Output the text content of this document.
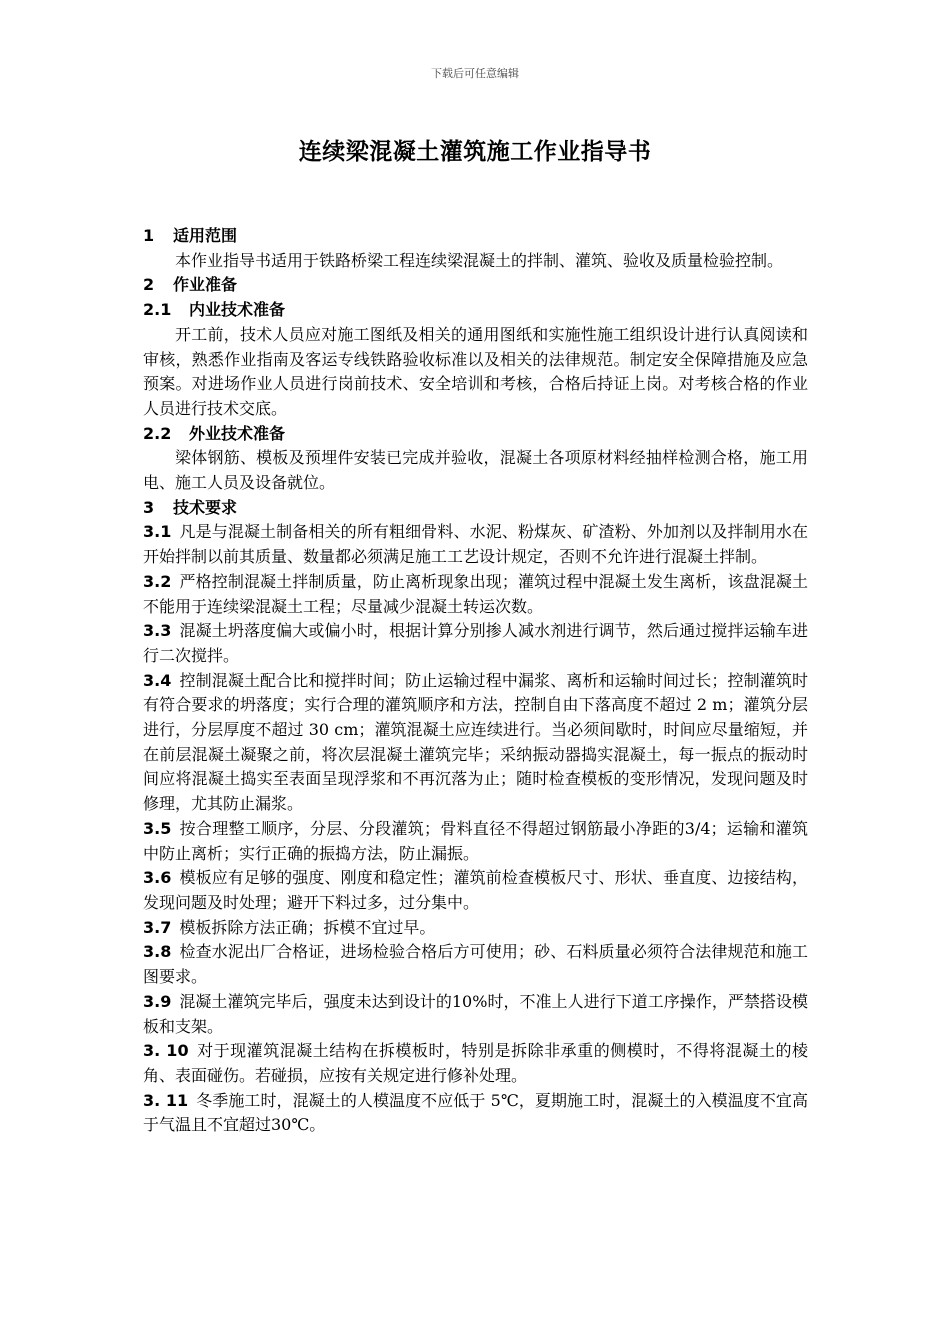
下载后可任意编辑
连续梁混凝土灌筑施工作业指导书
1 适用范围
本作业指导书适用于铁路桥梁工程连续梁混凝土的拌制、灌筑、验收及质量检验控制。
2 作业准备
2.1 内业技术准备
开工前，技术人员应对施工图纸及相关的通用图纸和实施性施工组织设计进行认真阅读和审核，熟悉作业指南及客运专线铁路验收标准以及相关的法律规范。制定安全保障措施及应急预案。对进场作业人员进行岗前技术、安全培训和考核，合格后持证上岗。对考核合格的作业人员进行技术交底。
2.2 外业技术准备
梁体钢筋、模板及预埋件安装已完成并验收，混凝土各项原材料经抽样检测合格，施工用电、施工人员及设备就位。
3 技术要求
3.1 凡是与混凝土制备相关的所有粗细骨料、水泥、粉煤灰、矿渣粉、外加剂以及拌制用水在开始拌制以前其质量、数量都必须满足施工工艺设计规定，否则不允许进行混凝土拌制。
3.2 严格控制混凝土拌制质量，防止离析现象出现；灌筑过程中混凝土发生离析，该盘混凝土不能用于连续梁混凝土工程；尽量减少混凝土转运次数。
3.3 混凝土坍落度偏大或偏小时，根据计算分别掺人减水剂进行调节，然后通过搅拌运输车进行二次搅拌。
3.4 控制混凝土配合比和搅拌时间；防止运输过程中漏浆、离析和运输时间过长；控制灌筑时有符合要求的坍落度；实行合理的灌筑顺序和方法，控制自由下落高度不超过 2 m；灌筑分层进行，分层厚度不超过 30 cm；灌筑混凝土应连续进行。当必须间歇时，时间应尽量缩短，并在前层混凝土凝聚之前，将次层混凝土灌筑完毕；采纳振动器捣实混凝土，每一振点的振动时间应将混凝土捣实至表面呈现浮浆和不再沉落为止；随时检查模板的变形情况，发现问题及时修理，尤其防止漏浆。
3.5 按合理整工顺序，分层、分段灌筑；骨料直径不得超过钢筋最小净距的3/4；运输和灌筑中防止离析；实行正确的振捣方法，防止漏振。
3.6 模板应有足够的强度、刚度和稳定性；灌筑前检查模板尺寸、形状、垂直度、边接结构，发现问题及时处理；避开下料过多，过分集中。
3.7 模板拆除方法正确；拆模不宜过早。
3.8 检查水泥出厂合格证，进场检验合格后方可使用；砂、石料质量必须符合法律规范和施工图要求。
3.9 混凝土灌筑完毕后，强度未达到设计的10%时，不准上人进行下道工序操作，严禁搭设模板和支架。
3. 10 对于现灌筑混凝土结构在拆模板时，特别是拆除非承重的侧模时，不得将混凝土的棱角、表面碰伤。若碰损，应按有关规定进行修补处理。
3. 11 冬季施工时，混凝土的人模温度不应低于 5℃，夏期施工时，混凝土的入模温度不宜高于气温且不宜超过30℃。
